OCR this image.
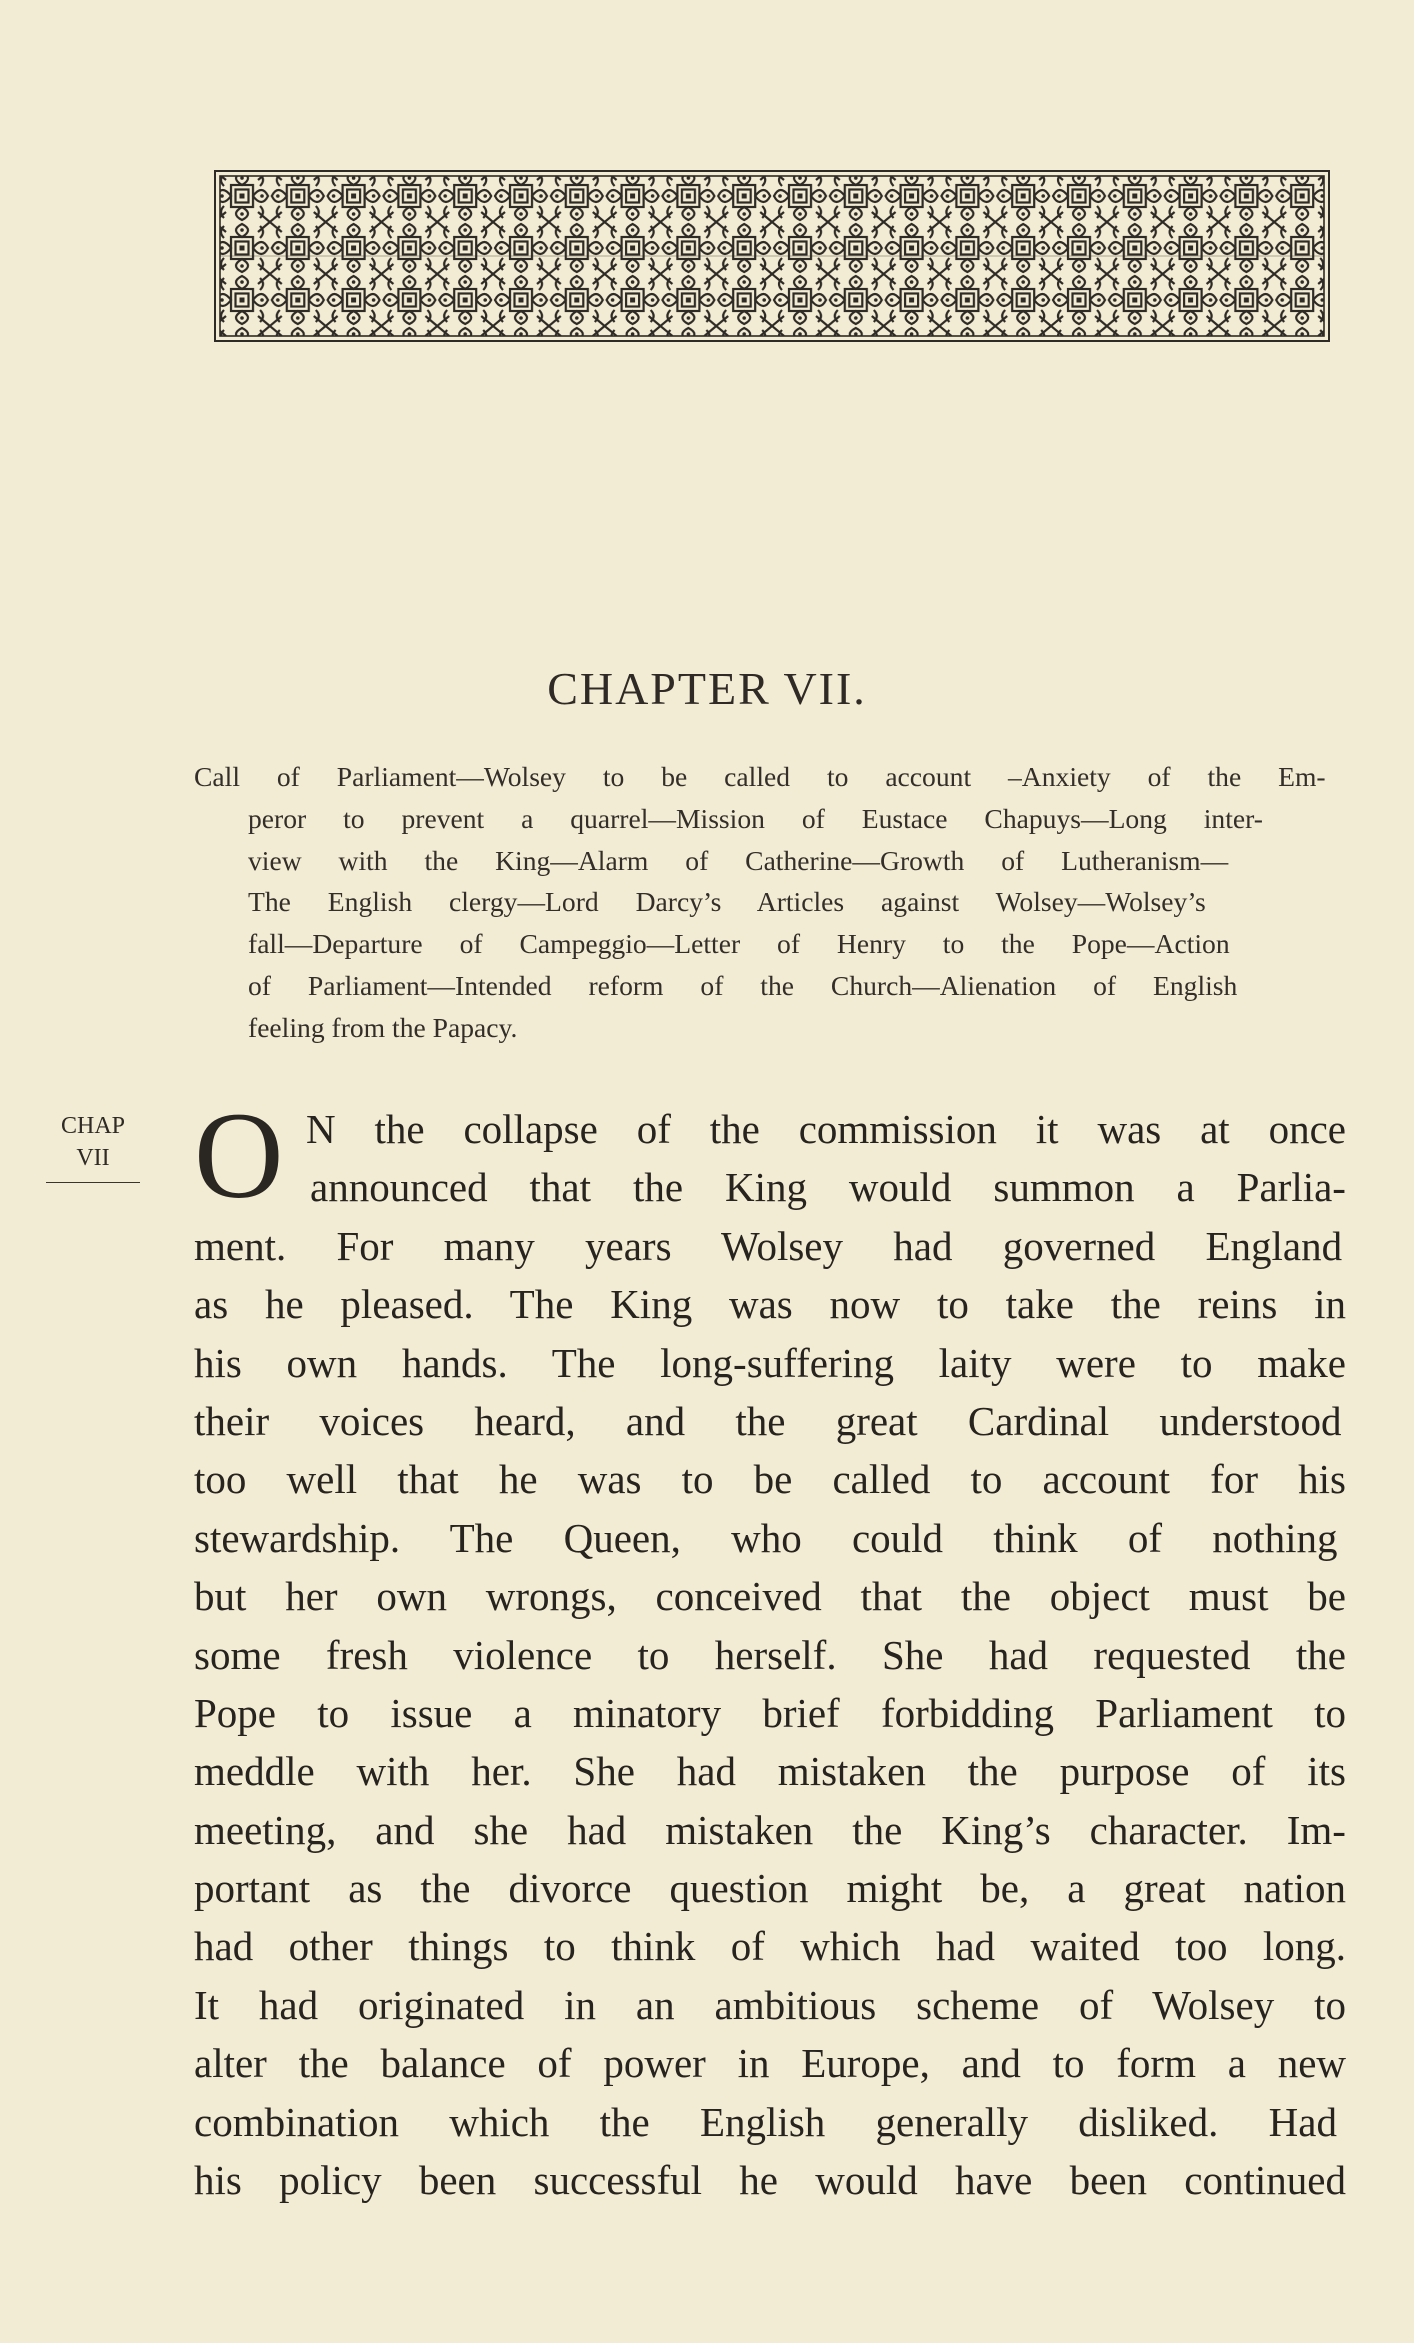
CHAPTER VII.
Call of Parliament—Wolsey to be called to account –Anxiety of the Em-
peror to prevent a quarrel—Mission of Eustace Chapuys—Long inter-
view with the King—Alarm of Catherine—Growth of Lutheranism—
The English clergy—Lord Darcy’s Articles against Wolsey—Wolsey’s
fall—Departure of Campeggio—Letter of Henry to the Pope—Action
of Parliament—Intended reform of the Church—Alienation of English
feeling from the Papacy.
CHAP
VII O N the collapse of the commission it was at once
announced that the King would summon a Parlia-
ment. For many years Wolsey had governed England
as he pleased. The King was now to take the reins in
his own hands. The long-suffering laity were to make
their voices heard, and the great Cardinal understood
too well that he was to be called to account for his
stewardship. The Queen, who could think of nothing
but her own wrongs, conceived that the object must be
some fresh violence to herself. She had requested the
Pope to issue a minatory brief forbidding Parliament to
meddle with her. She had mistaken the purpose of its
meeting, and she had mistaken the King’s character. Im-
portant as the divorce question might be, a great nation
had other things to think of which had waited too long.
It had originated in an ambitious scheme of Wolsey to
alter the balance of power in Europe, and to form a new
combination which the English generally disliked. Had
his policy been successful he would have been continued
